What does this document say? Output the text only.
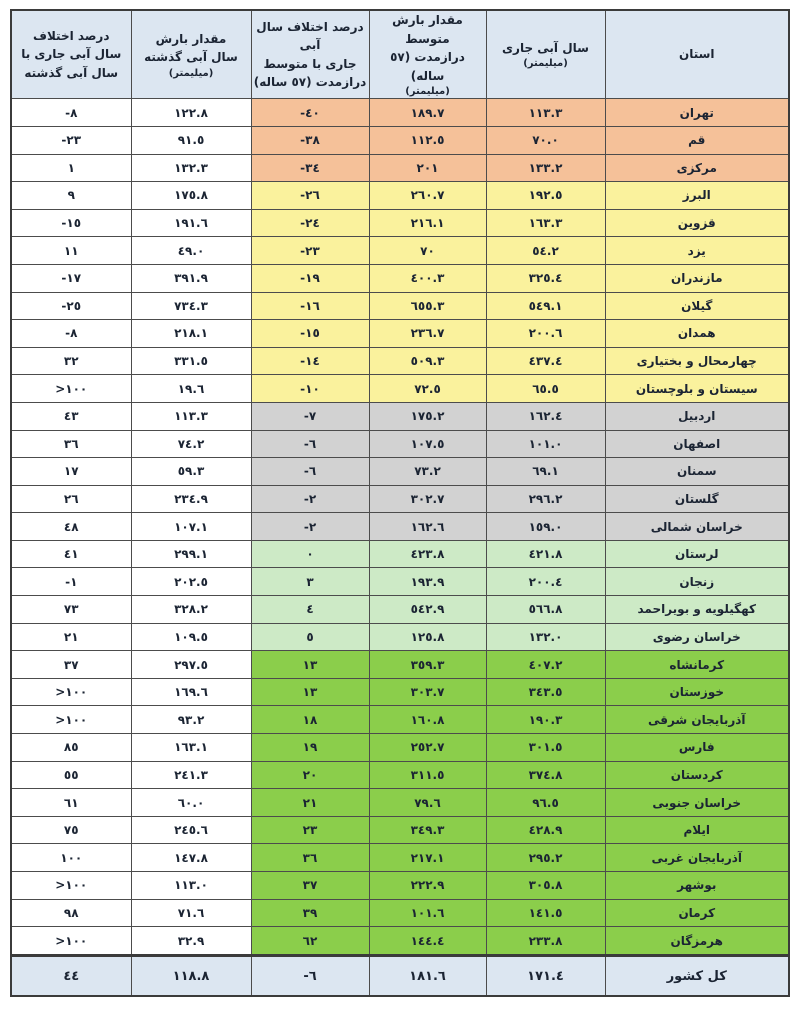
استان

سال آبی جاری
(میلیمتر)

مقدار بارش متوسط
درازمدت (٥٧ ساله)
(میلیمتر)

درصد اختلاف سال آبی
جاری با متوسط
درازمدت (٥٧ ساله)

مقدار بارش
سال آبی گذشته
(میلیمتر)

درصد اختلاف
سال آبی جاری با
سال آبی گذشته

تهران	١١٣.٣	١٨٩.٧	-٤٠	١٢٢.٨	-٨
قم	٧٠.٠	١١٢.٥	-٣٨	٩١.٥	-٢٣
مرکزی	١٣٣.٢	٢٠١	-٣٤	١٣٢.٣	١
البرز	١٩٢.٥	٢٦٠.٧	-٢٦	١٧٥.٨	٩
قزوین	١٦٣.٣	٢١٦.١	-٢٤	١٩١.٦	-١٥
یزد	٥٤.٢	٧٠	-٢٣	٤٩.٠	١١
مازندران	٣٢٥.٤	٤٠٠.٣	-١٩	٣٩١.٩	-١٧
گیلان	٥٤٩.١	٦٥٥.٣	-١٦	٧٣٤.٣	-٢٥
همدان	٢٠٠.٦	٢٣٦.٧	-١٥	٢١٨.١	-٨
چهارمحال و بختیاری	٤٣٧.٤	٥٠٩.٣	-١٤	٣٣١.٥	٣٢
سیستان و بلوچستان	٦٥.٥	٧٢.٥	-١٠	١٩.٦	>١٠٠
اردبیل	١٦٢.٤	١٧٥.٢	-٧	١١٣.٣	٤٣
اصفهان	١٠١.٠	١٠٧.٥	-٦	٧٤.٢	٣٦
سمنان	٦٩.١	٧٣.٢	-٦	٥٩.٣	١٧
گلستان	٢٩٦.٢	٣٠٢.٧	-٢	٢٣٤.٩	٢٦
خراسان شمالی	١٥٩.٠	١٦٢.٦	-٢	١٠٧.١	٤٨
لرستان	٤٢١.٨	٤٢٣.٨	٠	٢٩٩.١	٤١
زنجان	٢٠٠.٤	١٩٣.٩	٣	٢٠٢.٥	-١
کهگیلویه و بویراحمد	٥٦٦.٨	٥٤٢.٩	٤	٣٢٨.٢	٧٣
خراسان رضوی	١٣٢.٠	١٢٥.٨	٥	١٠٩.٥	٢١
کرمانشاه	٤٠٧.٢	٣٥٩.٣	١٣	٢٩٧.٥	٣٧
خوزستان	٣٤٣.٥	٣٠٣.٧	١٣	١٦٩.٦	>١٠٠
آذربایجان شرقی	١٩٠.٣	١٦٠.٨	١٨	٩٣.٢	>١٠٠
فارس	٣٠١.٥	٢٥٢.٧	١٩	١٦٣.١	٨٥
کردستان	٣٧٤.٨	٣١١.٥	٢٠	٢٤١.٣	٥٥
خراسان جنوبی	٩٦.٥	٧٩.٦	٢١	٦٠.٠	٦١
ایلام	٤٢٨.٩	٣٤٩.٣	٢٣	٢٤٥.٦	٧٥
آذربایجان غربی	٢٩٥.٢	٢١٧.١	٣٦	١٤٧.٨	١٠٠
بوشهر	٣٠٥.٨	٢٢٢.٩	٣٧	١١٣.٠	>١٠٠
کرمان	١٤١.٥	١٠١.٦	٣٩	٧١.٦	٩٨
هرمزگان	٢٣٣.٨	١٤٤.٤	٦٢	٣٢.٩	>١٠٠
کل کشور	١٧١.٤	١٨١.٦	-٦	١١٨.٨	٤٤
